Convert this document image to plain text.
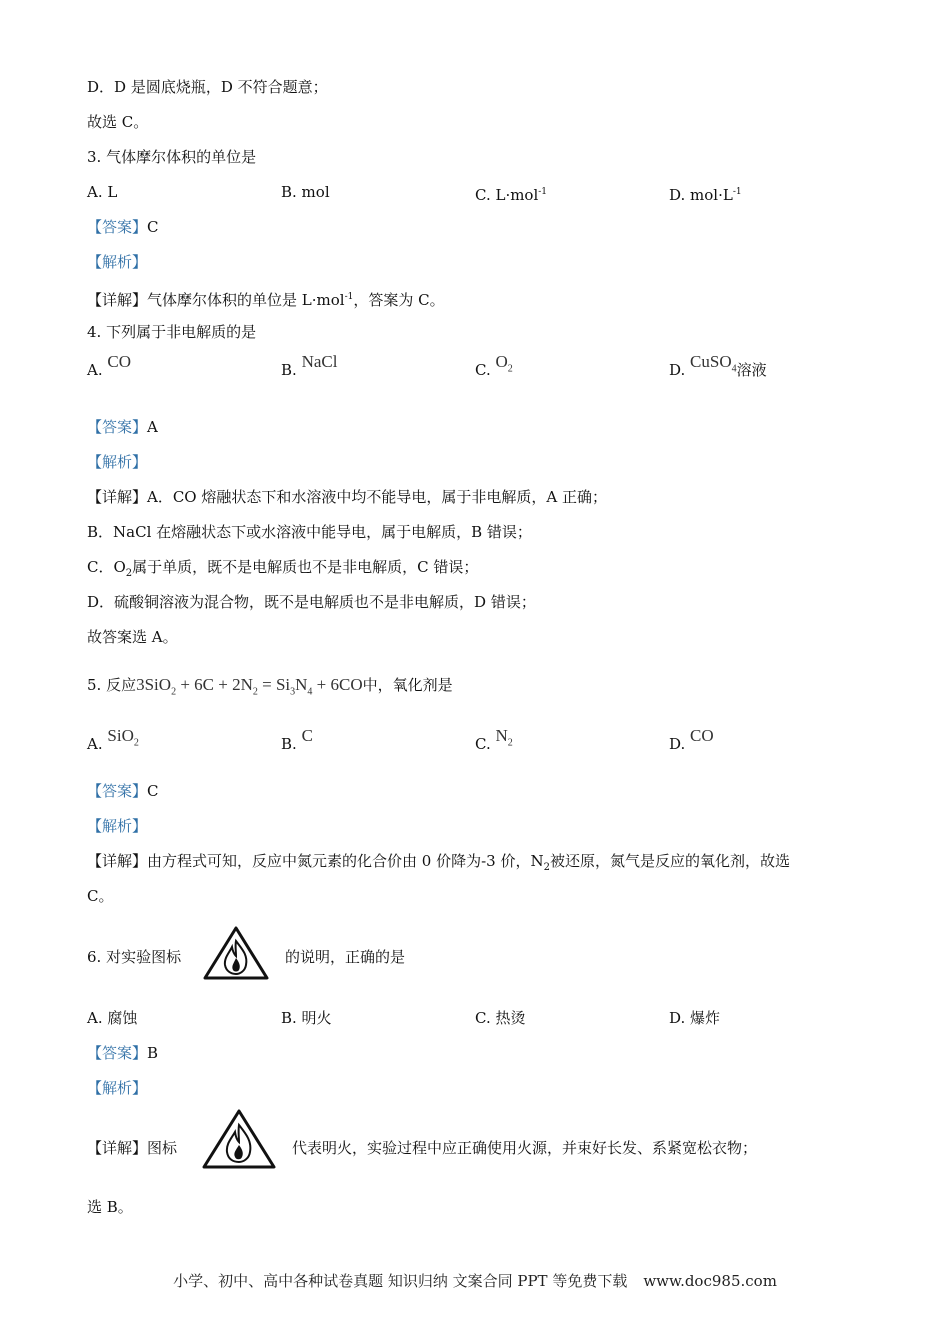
D．D 是圆底烧瓶，D 不符合题意；
故选 C。
3. 气体摩尔体积的单位是
A. L	B. mol	C. L·mol$^{-1}$	D. $mol\cdot L^{-1}$
【答案】C
【解析】
【详解】气体摩尔体积的单位是 L·mol$^{-1}$，答案为 C。
4. 下列属于非电解质的是
A. CO	B. NaCl	C. $O_2$	D. CuSO$_4$溶液
【答案】A
【解析】
【详解】A．CO 熔融状态下和水溶液中均不能导电，属于非电解质，A 正确；
B．NaCl 在熔融状态下或水溶液中能导电，属于电解质，B 错误；
C．$O_2$属于单质，既不是电解质也不是非电解质，C 错误；
D．硫酸铜溶液为混合物，既不是电解质也不是非电解质，D 错误；
故答案选 A。
5. 反应$3SiO_2 + 6C + 2N_2 = Si_3N_4 + 6CO$中，氧化剂是
A. SiO$_2$	B. C	C. $N_2$	D. CO
【答案】C
【解析】
【详解】由方程式可知，反应中氮元素的化合价由 0 价降为-3 价，$N_2$被还原，氮气是反应的氧化剂，故选
C。
6. 对实验图标	的说明，正确的是
A. 腐蚀	B. 明火	C. 热烫	D. 爆炸
【答案】B
【解析】
【详解】图标	代表明火，实验过程中应正确使用火源，并束好长发、系紧宽松衣物；
选 B。
小学、初中、高中各种试卷真题 知识归纳 文案合同 PPT 等免费下载 www.doc985.com
